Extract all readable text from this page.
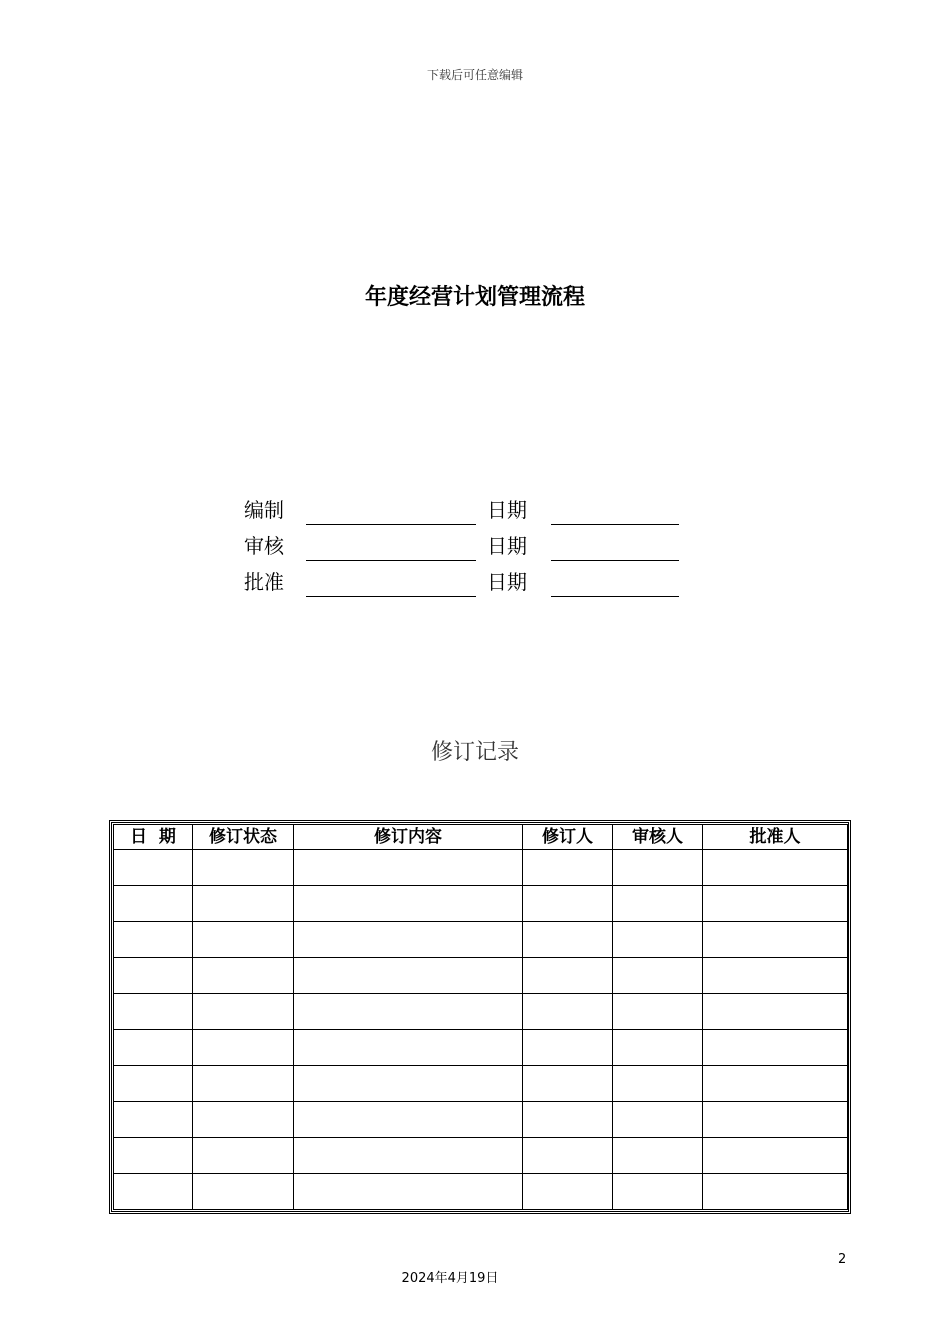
下载后可任意编辑
年度经营计划管理流程
编制	日期
审核	日期
批准	日期
修订记录
日  期	修订状态	修订内容	修订人	审核人	批准人

2
2024年4月19日
